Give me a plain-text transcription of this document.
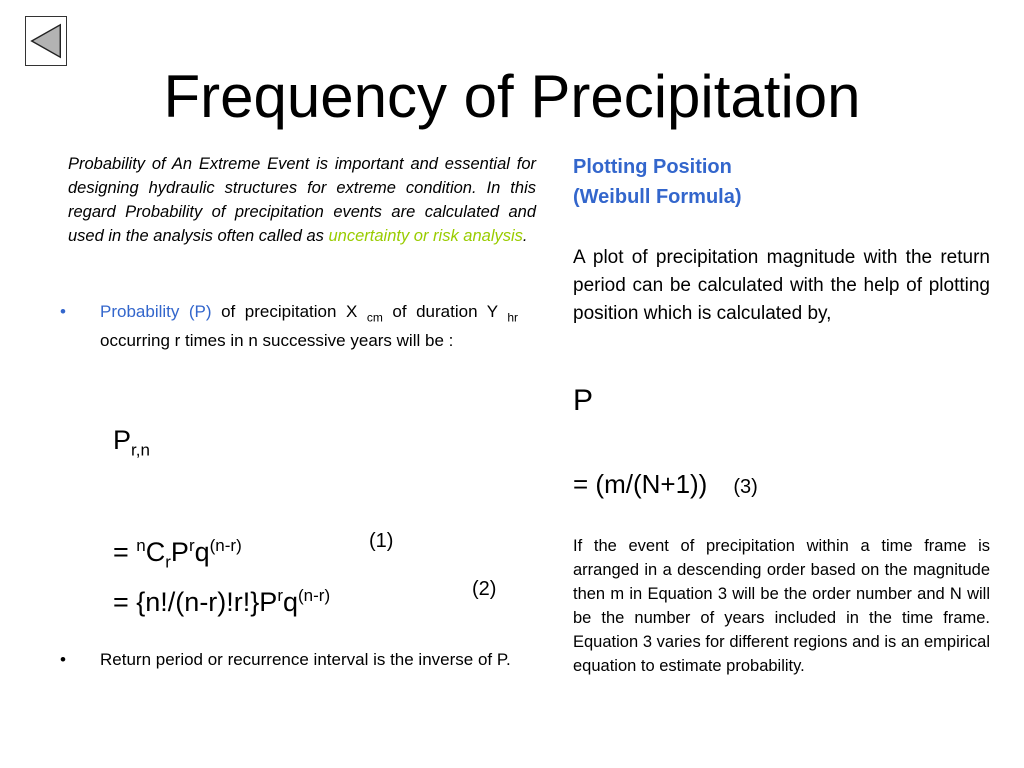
Frequency of Precipitation
Probability of An Extreme Event is important and essential for designing hydraulic structures for extreme condition. In this regard Probability of precipitation events are calculated and used in the analysis often called as uncertainty or risk analysis.
• Probability (P) of precipitation X $_{cm}$ of duration Y $_{hr}$ occurring r times in n successive years will be :
$P_{r,n}$
= $^nC_rP^rq^{(n-r)}$	(1)
= $\{n!/(n-r)!r!\}P^rq^{(n-r)}$	(2)
• Return period or recurrence interval is the inverse of P.
Plotting Position
(Weibull Formula)
A plot of precipitation magnitude with the return period can be calculated with the help of plotting position which is calculated by,
P
= (m/(N+1)) (3)
If the event of precipitation within a time frame is arranged in a descending order based on the magnitude then m in Equation 3 will be the order number and N will be the number of years included in the time frame. Equation 3 varies for different regions and is an empirical equation to estimate probability.
